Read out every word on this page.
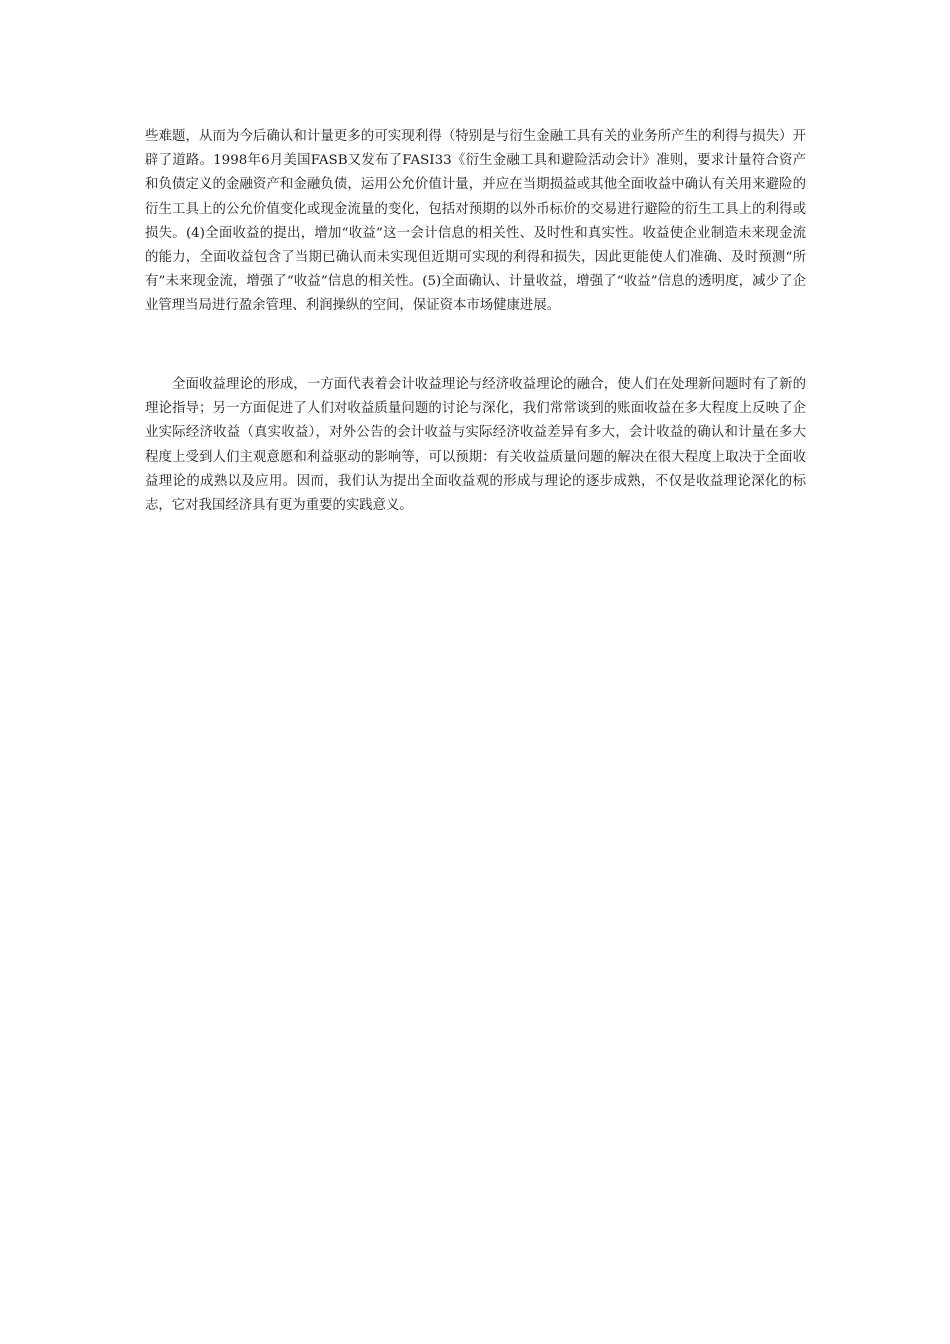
些难题，从而为今后确认和计量更多的可实现利得（特别是与衍生金融工具有关的业务所产生的利得与损失）开辟了道路。1998年6月美国FASB又发布了FASI33《衍生金融工具和避险活动会计》准则，要求计量符合资产和负债定义的金融资产和金融负债，运用公允价值计量，并应在当期损益或其他全面收益中确认有关用来避险的衍生工具上的公允价值变化或现金流量的变化，包括对预期的以外币标价的交易进行避险的衍生工具上的利得或损失。(4)全面收益的提出，增加“收益”这一会计信息的相关性、及时性和真实性。收益使企业制造未来现金流的能力，全面收益包含了当期已确认而未实现但近期可实现的利得和损失，因此更能使人们准确、及时预测“所有”未来现金流，增强了“收益”信息的相关性。(5)全面确认、计量收益，增强了“收益”信息的透明度，减少了企业管理当局进行盈余管理、利润操纵的空间，保证资本市场健康进展。

全面收益理论的形成，一方面代表着会计收益理论与经济收益理论的融合，使人们在处理新问题时有了新的理论指导；另一方面促进了人们对收益质量问题的讨论与深化，我们常常谈到的账面收益在多大程度上反映了企业实际经济收益（真实收益），对外公告的会计收益与实际经济收益差异有多大，会计收益的确认和计量在多大程度上受到人们主观意愿和利益驱动的影响等，可以预期：有关收益质量问题的解决在很大程度上取决于全面收益理论的成熟以及应用。因而，我们认为提出全面收益观的形成与理论的逐步成熟，不仅是收益理论深化的标志，它对我国经济具有更为重要的实践意义。
